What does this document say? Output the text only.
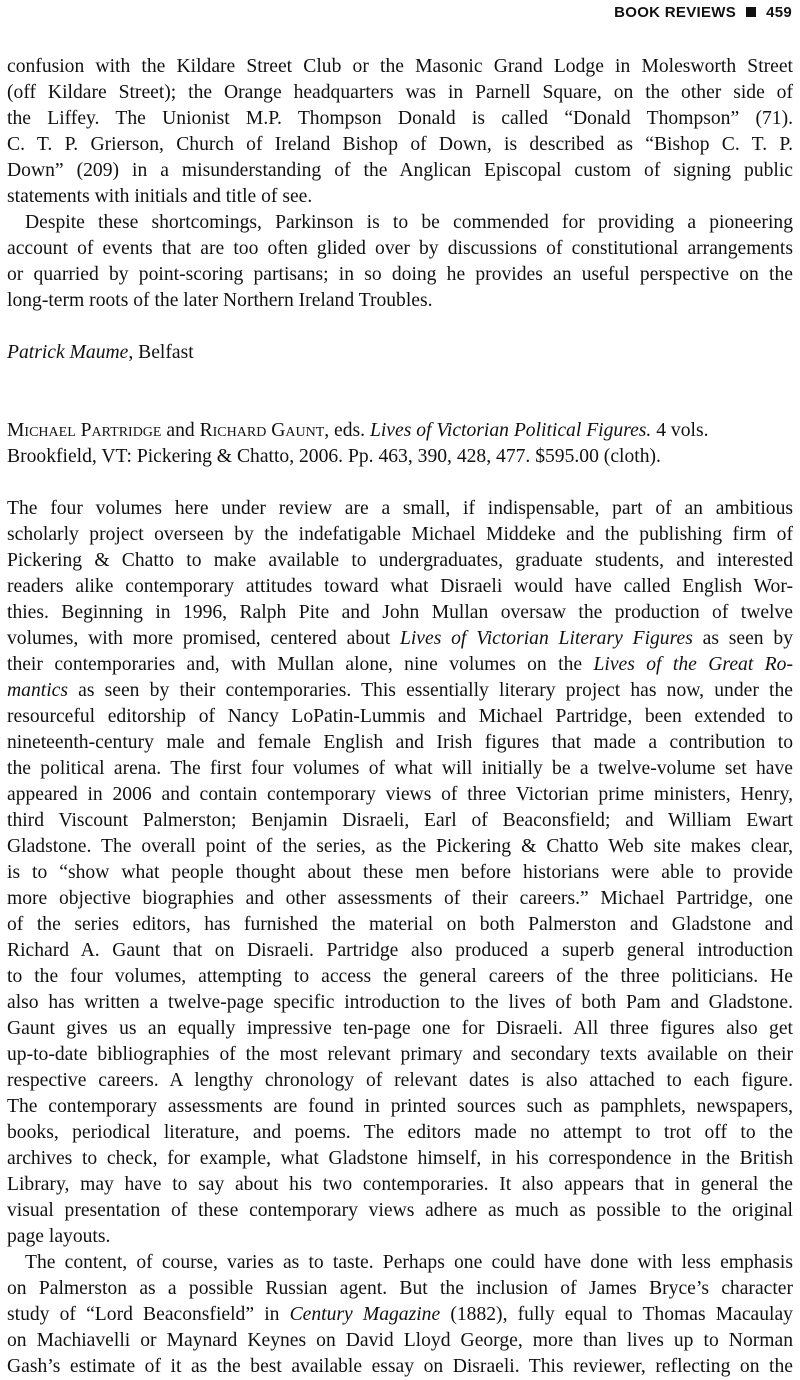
BOOK REVIEWS 459
confusion with the Kildare Street Club or the Masonic Grand Lodge in Molesworth Street
(off Kildare Street); the Orange headquarters was in Parnell Square, on the other side of
the Liffey. The Unionist M.P. Thompson Donald is called “Donald Thompson” (71).
C. T. P. Grierson, Church of Ireland Bishop of Down, is described as “Bishop C. T. P.
Down” (209) in a misunderstanding of the Anglican Episcopal custom of signing public
statements with initials and title of see.
Despite these shortcomings, Parkinson is to be commended for providing a pioneering
account of events that are too often glided over by discussions of constitutional arrangements
or quarried by point-scoring partisans; in so doing he provides an useful perspective on the
long-term roots of the later Northern Ireland Troubles.
Patrick Maume, Belfast
Michael Partridge and Richard Gaunt, eds. Lives of Victorian Political Figures. 4 vols.
Brookfield, VT: Pickering & Chatto, 2006. Pp. 463, 390, 428, 477. $595.00 (cloth).
The four volumes here under review are a small, if indispensable, part of an ambitious
scholarly project overseen by the indefatigable Michael Middeke and the publishing firm of
Pickering & Chatto to make available to undergraduates, graduate students, and interested
readers alike contemporary attitudes toward what Disraeli would have called English Wor-
thies. Beginning in 1996, Ralph Pite and John Mullan oversaw the production of twelve
volumes, with more promised, centered about Lives of Victorian Literary Figures as seen by
their contemporaries and, with Mullan alone, nine volumes on the Lives of the Great Ro-
mantics as seen by their contemporaries. This essentially literary project has now, under the
resourceful editorship of Nancy LoPatin-Lummis and Michael Partridge, been extended to
nineteenth-century male and female English and Irish figures that made a contribution to
the political arena. The first four volumes of what will initially be a twelve-volume set have
appeared in 2006 and contain contemporary views of three Victorian prime ministers, Henry,
third Viscount Palmerston; Benjamin Disraeli, Earl of Beaconsfield; and William Ewart
Gladstone. The overall point of the series, as the Pickering & Chatto Web site makes clear,
is to “show what people thought about these men before historians were able to provide
more objective biographies and other assessments of their careers.” Michael Partridge, one
of the series editors, has furnished the material on both Palmerston and Gladstone and
Richard A. Gaunt that on Disraeli. Partridge also produced a superb general introduction
to the four volumes, attempting to access the general careers of the three politicians. He
also has written a twelve-page specific introduction to the lives of both Pam and Gladstone.
Gaunt gives us an equally impressive ten-page one for Disraeli. All three figures also get
up-to-date bibliographies of the most relevant primary and secondary texts available on their
respective careers. A lengthy chronology of relevant dates is also attached to each figure.
The contemporary assessments are found in printed sources such as pamphlets, newspapers,
books, periodical literature, and poems. The editors made no attempt to trot off to the
archives to check, for example, what Gladstone himself, in his correspondence in the British
Library, may have to say about his two contemporaries. It also appears that in general the
visual presentation of these contemporary views adhere as much as possible to the original
page layouts.
The content, of course, varies as to taste. Perhaps one could have done with less emphasis
on Palmerston as a possible Russian agent. But the inclusion of James Bryce’s character
study of “Lord Beaconsfield” in Century Magazine (1882), fully equal to Thomas Macaulay
on Machiavelli or Maynard Keynes on David Lloyd George, more than lives up to Norman
Gash’s estimate of it as the best available essay on Disraeli. This reviewer, reflecting on the
